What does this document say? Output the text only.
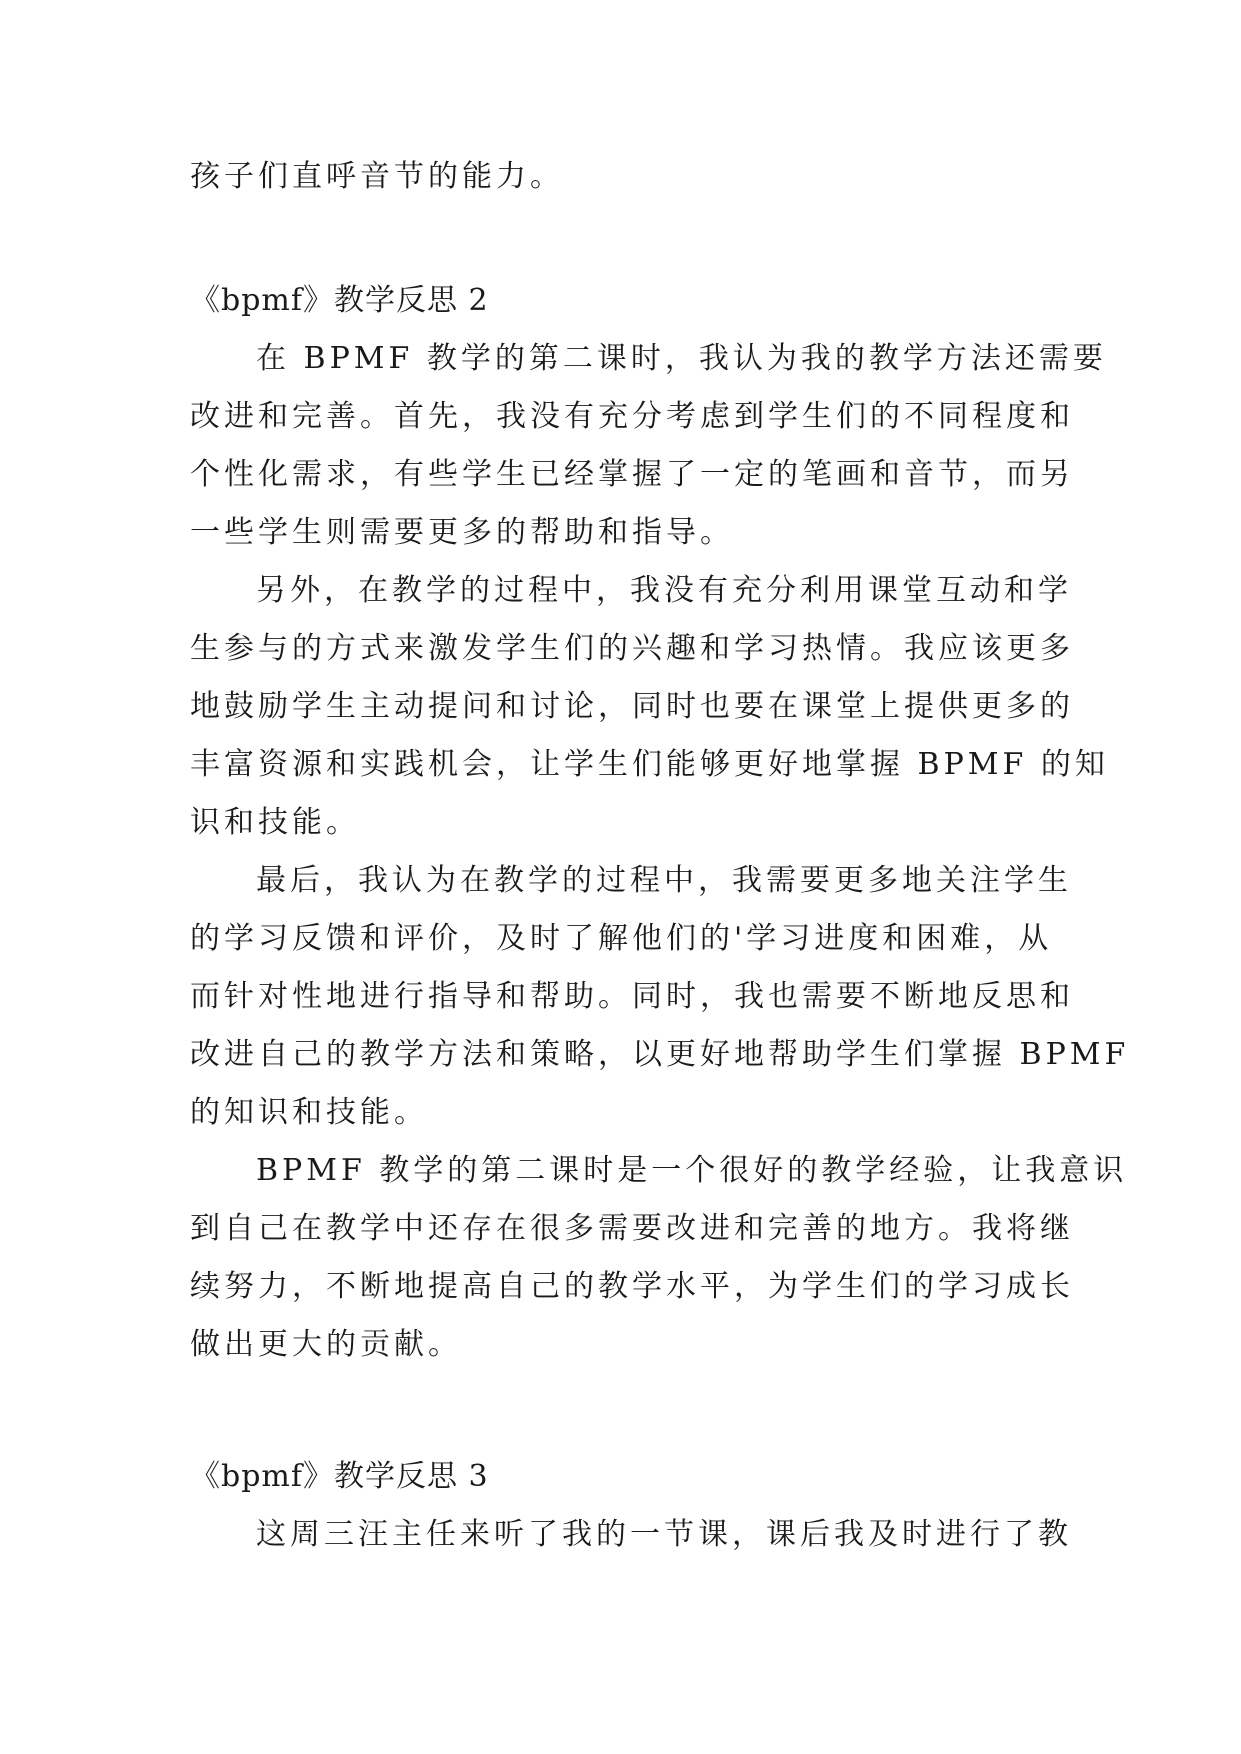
孩子们直呼音节的能力。
《bpmf》教学反思 2
在 BPMF 教学的第二课时，我认为我的教学方法还需要
改进和完善。首先，我没有充分考虑到学生们的不同程度和
个性化需求，有些学生已经掌握了一定的笔画和音节，而另
一些学生则需要更多的帮助和指导。
另外，在教学的过程中，我没有充分利用课堂互动和学
生参与的方式来激发学生们的兴趣和学习热情。我应该更多
地鼓励学生主动提问和讨论，同时也要在课堂上提供更多的
丰富资源和实践机会，让学生们能够更好地掌握 BPMF 的知
识和技能。
最后，我认为在教学的过程中，我需要更多地关注学生
的学习反馈和评价，及时了解他们的'学习进度和困难，从
而针对性地进行指导和帮助。同时，我也需要不断地反思和
改进自己的教学方法和策略，以更好地帮助学生们掌握 BPMF
的知识和技能。
BPMF 教学的第二课时是一个很好的教学经验，让我意识
到自己在教学中还存在很多需要改进和完善的地方。我将继
续努力，不断地提高自己的教学水平，为学生们的学习成长
做出更大的贡献。
《bpmf》教学反思 3
这周三汪主任来听了我的一节课，课后我及时进行了教
